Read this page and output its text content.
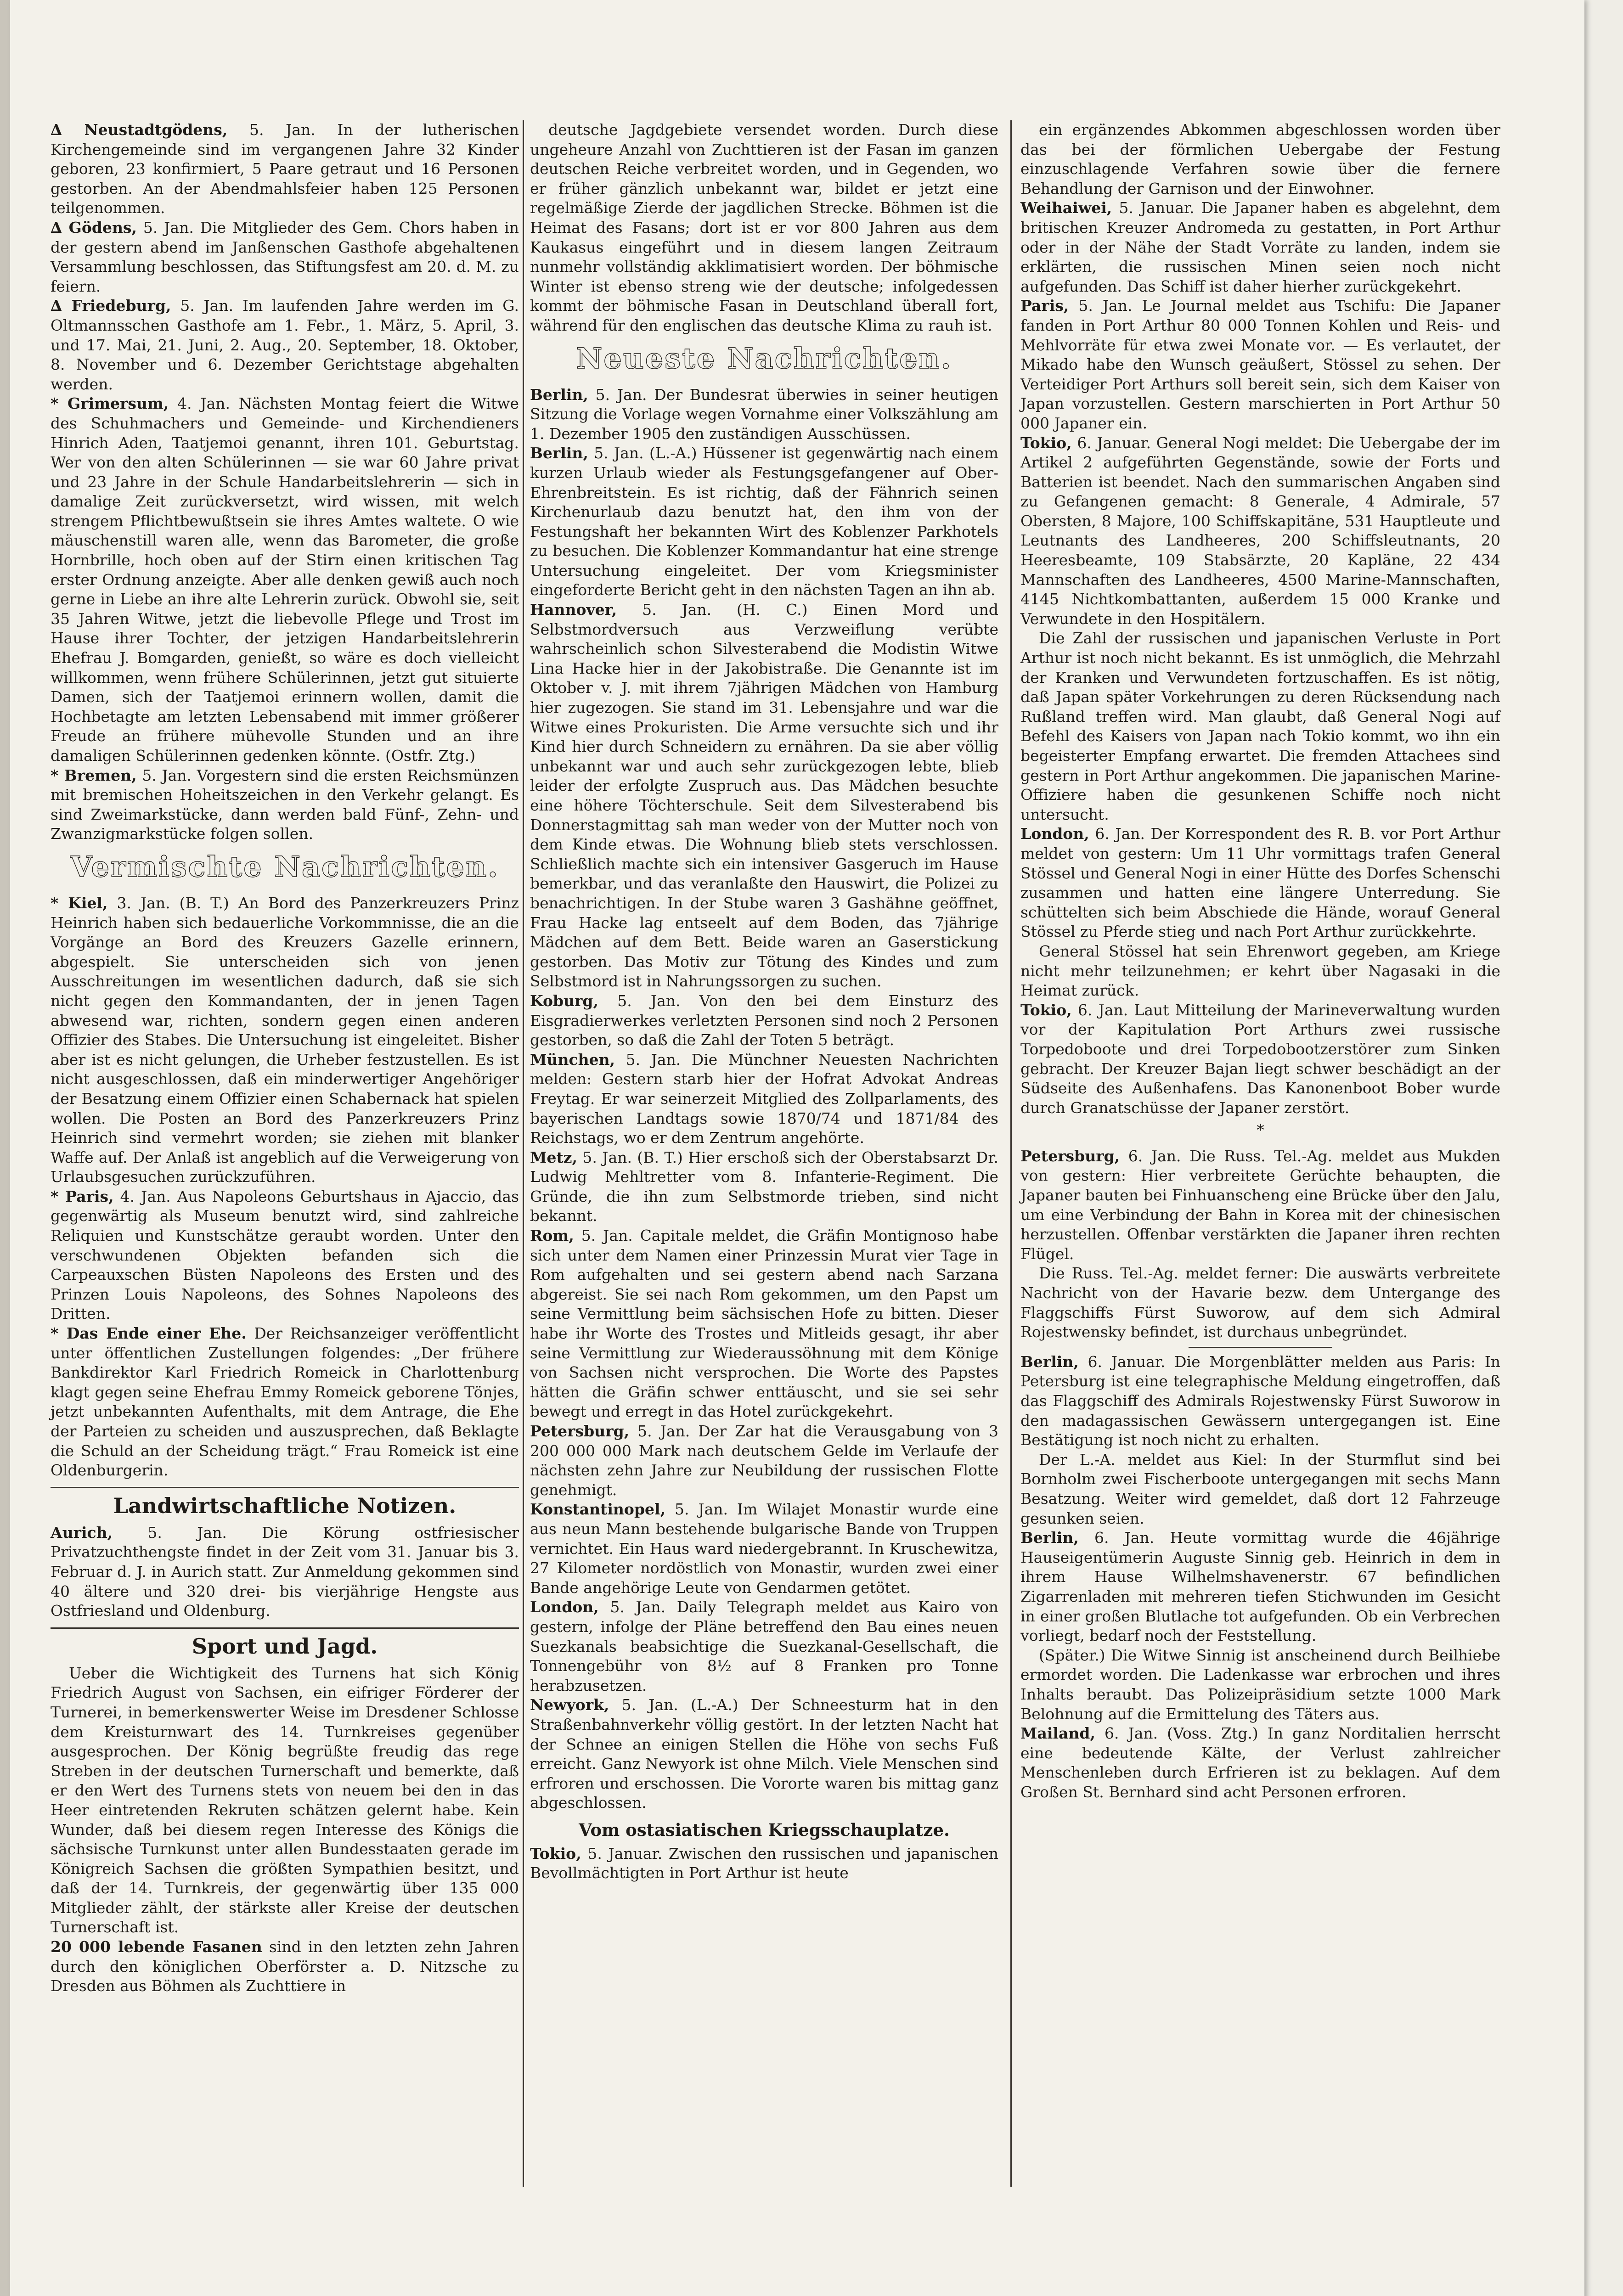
∆ Neustadtgödens, 5. Jan. In der lutherischen Kirchengemeinde sind im vergangenen Jahre 32 Kinder geboren, 23 konfirmiert, 5 Paare getraut und 16 Personen gestorben. An der Abendmahlsfeier haben 125 Personen teilgenommen.

∆ Gödens, 5. Jan. Die Mitglieder des Gem. Chors haben in der gestern abend im Janßenschen Gasthofe abgehaltenen Versammlung beschlossen, das Stiftungsfest am 20. d. M. zu feiern.

∆ Friedeburg, 5. Jan. Im laufenden Jahre werden im G. Oltmannsschen Gasthofe am 1. Febr., 1. März, 5. April, 3. und 17. Mai, 21. Juni, 2. Aug., 20. September, 18. Oktober, 8. November und 6. Dezember Gerichtstage abgehalten werden.

* Grimersum, 4. Jan. Nächsten Montag feiert die Witwe des Schuhmachers und Gemeinde- und Kirchendieners Hinrich Aden, Taatjemoi genannt, ihren 101. Geburtstag. Wer von den alten Schülerinnen — sie war 60 Jahre privat und 23 Jahre in der Schule Handarbeitslehrerin — sich in damalige Zeit zurückversetzt, wird wissen, mit welch strengem Pflichtbewußtsein sie ihres Amtes waltete. O wie mäuschenstill waren alle, wenn das Barometer, die große Hornbrille, hoch oben auf der Stirn einen kritischen Tag erster Ordnung anzeigte. Aber alle denken gewiß auch noch gerne in Liebe an ihre alte Lehrerin zurück. Obwohl sie, seit 35 Jahren Witwe, jetzt die liebevolle Pflege und Trost im Hause ihrer Tochter, der jetzigen Handarbeitslehrerin Ehefrau J. Bomgarden, genießt, so wäre es doch vielleicht willkommen, wenn frühere Schülerinnen, jetzt gut situierte Damen, sich der Taatjemoi erinnern wollen, damit die Hochbetagte am letzten Lebensabend mit immer größerer Freude an frühere mühevolle Stunden und an ihre damaligen Schülerinnen gedenken könnte. (Ostfr. Ztg.)

* Bremen, 5. Jan. Vorgestern sind die ersten Reichsmünzen mit bremischen Hoheitszeichen in den Verkehr gelangt. Es sind Zweimarkstücke, dann werden bald Fünf-, Zehn- und Zwanzigmarkstücke folgen sollen.

Vermischte Nachrichten.

* Kiel, 3. Jan. (B. T.) An Bord des Panzerkreuzers Prinz Heinrich haben sich bedauerliche Vorkommnisse, die an die Vorgänge an Bord des Kreuzers Gazelle erinnern, abgespielt. Sie unterscheiden sich von jenen Ausschreitungen im wesentlichen dadurch, daß sie sich nicht gegen den Kommandanten, der in jenen Tagen abwesend war, richten, sondern gegen einen anderen Offizier des Stabes. Die Untersuchung ist eingeleitet. Bisher aber ist es nicht gelungen, die Urheber festzustellen. Es ist nicht ausgeschlossen, daß ein minderwertiger Angehöriger der Besatzung einem Offizier einen Schabernack hat spielen wollen. Die Posten an Bord des Panzerkreuzers Prinz Heinrich sind vermehrt worden; sie ziehen mit blanker Waffe auf. Der Anlaß ist angeblich auf die Verweigerung von Urlaubsgesuchen zurückzuführen.

* Paris, 4. Jan. Aus Napoleons Geburtshaus in Ajaccio, das gegenwärtig als Museum benutzt wird, sind zahlreiche Reliquien und Kunstschätze geraubt worden. Unter den verschwundenen Objekten befanden sich die Carpeauxschen Büsten Napoleons des Ersten und des Prinzen Louis Napoleons, des Sohnes Napoleons des Dritten.

* Das Ende einer Ehe. Der Reichsanzeiger veröffentlicht unter öffentlichen Zustellungen folgendes: „Der frühere Bankdirektor Karl Friedrich Romeick in Charlottenburg klagt gegen seine Ehefrau Emmy Romeick geborene Tönjes, jetzt unbekannten Aufenthalts, mit dem Antrage, die Ehe der Parteien zu scheiden und auszusprechen, daß Beklagte die Schuld an der Scheidung trägt.“ Frau Romeick ist eine Oldenburgerin.

Landwirtschaftliche Notizen.

Aurich, 5. Jan. Die Körung ostfriesischer Privatzuchthengste findet in der Zeit vom 31. Januar bis 3. Februar d. J. in Aurich statt. Zur Anmeldung gekommen sind 40 ältere und 320 drei- bis vierjährige Hengste aus Ostfriesland und Oldenburg.

Sport und Jagd.

Ueber die Wichtigkeit des Turnens hat sich König Friedrich August von Sachsen, ein eifriger Förderer der Turnerei, in bemerkenswerter Weise im Dresdener Schlosse dem Kreisturnwart des 14. Turnkreises gegenüber ausgesprochen. Der König begrüßte freudig das rege Streben in der deutschen Turnerschaft und bemerkte, daß er den Wert des Turnens stets von neuem bei den in das Heer eintretenden Rekruten schätzen gelernt habe. Kein Wunder, daß bei diesem regen Interesse des Königs die sächsische Turnkunst unter allen Bundesstaaten gerade im Königreich Sachsen die größten Sympathien besitzt, und daß der 14. Turnkreis, der gegenwärtig über 135 000 Mitglieder zählt, der stärkste aller Kreise der deutschen Turnerschaft ist.

20 000 lebende Fasanen sind in den letzten zehn Jahren durch den königlichen Oberförster a. D. Nitzsche zu Dresden aus Böhmen als Zuchttiere in

deutsche Jagdgebiete versendet worden. Durch diese ungeheure Anzahl von Zuchttieren ist der Fasan im ganzen deutschen Reiche verbreitet worden, und in Gegenden, wo er früher gänzlich unbekannt war, bildet er jetzt eine regelmäßige Zierde der jagdlichen Strecke. Böhmen ist die Heimat des Fasans; dort ist er vor 800 Jahren aus dem Kaukasus eingeführt und in diesem langen Zeitraum nunmehr vollständig akklimatisiert worden. Der böhmische Winter ist ebenso streng wie der deutsche; infolgedessen kommt der böhmische Fasan in Deutschland überall fort, während für den englischen das deutsche Klima zu rauh ist.

Neueste Nachrichten.

Berlin, 5. Jan. Der Bundesrat überwies in seiner heutigen Sitzung die Vorlage wegen Vornahme einer Volkszählung am 1. Dezember 1905 den zuständigen Ausschüssen.

Berlin, 5. Jan. (L.-A.) Hüssener ist gegenwärtig nach einem kurzen Urlaub wieder als Festungsgefangener auf Ober-Ehrenbreitstein. Es ist richtig, daß der Fähnrich seinen Kirchenurlaub dazu benutzt hat, den ihm von der Festungshaft her bekannten Wirt des Koblenzer Parkhotels zu besuchen. Die Koblenzer Kommandantur hat eine strenge Untersuchung eingeleitet. Der vom Kriegsminister eingeforderte Bericht geht in den nächsten Tagen an ihn ab.

Hannover, 5. Jan. (H. C.) Einen Mord und Selbstmordversuch aus Verzweiflung verübte wahrscheinlich schon Silvesterabend die Modistin Witwe Lina Hacke hier in der Jakobistraße. Die Genannte ist im Oktober v. J. mit ihrem 7jährigen Mädchen von Hamburg hier zugezogen. Sie stand im 31. Lebensjahre und war die Witwe eines Prokuristen. Die Arme versuchte sich und ihr Kind hier durch Schneidern zu ernähren. Da sie aber völlig unbekannt war und auch sehr zurückgezogen lebte, blieb leider der erfolgte Zuspruch aus. Das Mädchen besuchte eine höhere Töchterschule. Seit dem Silvesterabend bis Donnerstagmittag sah man weder von der Mutter noch von dem Kinde etwas. Die Wohnung blieb stets verschlossen. Schließlich machte sich ein intensiver Gasgeruch im Hause bemerkbar, und das veranlaßte den Hauswirt, die Polizei zu benachrichtigen. In der Stube waren 3 Gashähne geöffnet, Frau Hacke lag entseelt auf dem Boden, das 7jährige Mädchen auf dem Bett. Beide waren an Gaserstickung gestorben. Das Motiv zur Tötung des Kindes und zum Selbstmord ist in Nahrungssorgen zu suchen.

Koburg, 5. Jan. Von den bei dem Einsturz des Eisgradierwerkes verletzten Personen sind noch 2 Personen gestorben, so daß die Zahl der Toten 5 beträgt.

München, 5. Jan. Die Münchner Neuesten Nachrichten melden: Gestern starb hier der Hofrat Advokat Andreas Freytag. Er war seinerzeit Mitglied des Zollparlaments, des bayerischen Landtags sowie 1870/74 und 1871/84 des Reichstags, wo er dem Zentrum angehörte.

Metz, 5. Jan. (B. T.) Hier erschoß sich der Oberstabsarzt Dr. Ludwig Mehltretter vom 8. Infanterie-Regiment. Die Gründe, die ihn zum Selbstmorde trieben, sind nicht bekannt.

Rom, 5. Jan. Capitale meldet, die Gräfin Montignoso habe sich unter dem Namen einer Prinzessin Murat vier Tage in Rom aufgehalten und sei gestern abend nach Sarzana abgereist. Sie sei nach Rom gekommen, um den Papst um seine Vermittlung beim sächsischen Hofe zu bitten. Dieser habe ihr Worte des Trostes und Mitleids gesagt, ihr aber seine Vermittlung zur Wiederaussöhnung mit dem Könige von Sachsen nicht versprochen. Die Worte des Papstes hätten die Gräfin schwer enttäuscht, und sie sei sehr bewegt und erregt in das Hotel zurückgekehrt.

Petersburg, 5. Jan. Der Zar hat die Verausgabung von 3 200 000 000 Mark nach deutschem Gelde im Verlaufe der nächsten zehn Jahre zur Neubildung der russischen Flotte genehmigt.

Konstantinopel, 5. Jan. Im Wilajet Monastir wurde eine aus neun Mann bestehende bulgarische Bande von Truppen vernichtet. Ein Haus ward niedergebrannt. In Kruschewitza, 27 Kilometer nordöstlich von Monastir, wurden zwei einer Bande angehörige Leute von Gendarmen getötet.

London, 5. Jan. Daily Telegraph meldet aus Kairo von gestern, infolge der Pläne betreffend den Bau eines neuen Suezkanals beabsichtige die Suezkanal-Gesellschaft, die Tonnengebühr von 8½ auf 8 Franken pro Tonne herabzusetzen.

Newyork, 5. Jan. (L.-A.) Der Schneesturm hat in den Straßenbahnverkehr völlig gestört. In der letzten Nacht hat der Schnee an einigen Stellen die Höhe von sechs Fuß erreicht. Ganz Newyork ist ohne Milch. Viele Menschen sind erfroren und erschossen. Die Vororte waren bis mittag ganz abgeschlossen.

Vom ostasiatischen Kriegsschauplatze.

Tokio, 5. Januar. Zwischen den russischen und japanischen Bevollmächtigten in Port Arthur ist heute

ein ergänzendes Abkommen abgeschlossen worden über das bei der förmlichen Uebergabe der Festung einzuschlagende Verfahren sowie über die fernere Behandlung der Garnison und der Einwohner.

Weihaiwei, 5. Januar. Die Japaner haben es abgelehnt, dem britischen Kreuzer Andromeda zu gestatten, in Port Arthur oder in der Nähe der Stadt Vorräte zu landen, indem sie erklärten, die russischen Minen seien noch nicht aufgefunden. Das Schiff ist daher hierher zurückgekehrt.

Paris, 5. Jan. Le Journal meldet aus Tschifu: Die Japaner fanden in Port Arthur 80 000 Tonnen Kohlen und Reis- und Mehlvorräte für etwa zwei Monate vor. — Es verlautet, der Mikado habe den Wunsch geäußert, Stössel zu sehen. Der Verteidiger Port Arthurs soll bereit sein, sich dem Kaiser von Japan vorzustellen. Gestern marschierten in Port Arthur 50 000 Japaner ein.

Tokio, 6. Januar. General Nogi meldet: Die Uebergabe der im Artikel 2 aufgeführten Gegenstände, sowie der Forts und Batterien ist beendet. Nach den summarischen Angaben sind zu Gefangenen gemacht: 8 Generale, 4 Admirale, 57 Obersten, 8 Majore, 100 Schiffskapitäne, 531 Hauptleute und Leutnants des Landheeres, 200 Schiffsleutnants, 20 Heeresbeamte, 109 Stabsärzte, 20 Kapläne, 22 434 Mannschaften des Landheeres, 4500 Marine-Mannschaften, 4145 Nichtkombattanten, außerdem 15 000 Kranke und Verwundete in den Hospitälern.

Die Zahl der russischen und japanischen Verluste in Port Arthur ist noch nicht bekannt. Es ist unmöglich, die Mehrzahl der Kranken und Verwundeten fortzuschaffen. Es ist nötig, daß Japan später Vorkehrungen zu deren Rücksendung nach Rußland treffen wird. Man glaubt, daß General Nogi auf Befehl des Kaisers von Japan nach Tokio kommt, wo ihn ein begeisterter Empfang erwartet. Die fremden Attachees sind gestern in Port Arthur angekommen. Die japanischen Marine-Offiziere haben die gesunkenen Schiffe noch nicht untersucht.

London, 6. Jan. Der Korrespondent des R. B. vor Port Arthur meldet von gestern: Um 11 Uhr vormittags trafen General Stössel und General Nogi in einer Hütte des Dorfes Schenschi zusammen und hatten eine längere Unterredung. Sie schüttelten sich beim Abschiede die Hände, worauf General Stössel zu Pferde stieg und nach Port Arthur zurückkehrte.

General Stössel hat sein Ehrenwort gegeben, am Kriege nicht mehr teilzunehmen; er kehrt über Nagasaki in die Heimat zurück.

Tokio, 6. Jan. Laut Mitteilung der Marineverwaltung wurden vor der Kapitulation Port Arthurs zwei russische Torpedoboote und drei Torpedobootzerstörer zum Sinken gebracht. Der Kreuzer Bajan liegt schwer beschädigt an der Südseite des Außenhafens. Das Kanonenboot Bober wurde durch Granatschüsse der Japaner zerstört.

*

Petersburg, 6. Jan. Die Russ. Tel.-Ag. meldet aus Mukden von gestern: Hier verbreitete Gerüchte behaupten, die Japaner bauten bei Finhuanscheng eine Brücke über den Jalu, um eine Verbindung der Bahn in Korea mit der chinesischen herzustellen. Offenbar verstärkten die Japaner ihren rechten Flügel.

Die Russ. Tel.-Ag. meldet ferner: Die auswärts verbreitete Nachricht von der Havarie bezw. dem Untergange des Flaggschiffs Fürst Suworow, auf dem sich Admiral Rojestwensky befindet, ist durchaus unbegründet.

Berlin, 6. Januar. Die Morgenblätter melden aus Paris: In Petersburg ist eine telegraphische Meldung eingetroffen, daß das Flaggschiff des Admirals Rojestwensky Fürst Suworow in den madagassischen Gewässern untergegangen ist. Eine Bestätigung ist noch nicht zu erhalten.

Der L.-A. meldet aus Kiel: In der Sturmflut sind bei Bornholm zwei Fischerboote untergegangen mit sechs Mann Besatzung. Weiter wird gemeldet, daß dort 12 Fahrzeuge gesunken seien.

Berlin, 6. Jan. Heute vormittag wurde die 46jährige Hauseigentümerin Auguste Sinnig geb. Heinrich in dem in ihrem Hause Wilhelmshavenerstr. 67 befindlichen Zigarrenladen mit mehreren tiefen Stichwunden im Gesicht in einer großen Blutlache tot aufgefunden. Ob ein Verbrechen vorliegt, bedarf noch der Feststellung.

(Später.) Die Witwe Sinnig ist anscheinend durch Beilhiebe ermordet worden. Die Ladenkasse war erbrochen und ihres Inhalts beraubt. Das Polizeipräsidium setzte 1000 Mark Belohnung auf die Ermittelung des Täters aus.

Mailand, 6. Jan. (Voss. Ztg.) In ganz Norditalien herrscht eine bedeutende Kälte, der Verlust zahlreicher Menschenleben durch Erfrieren ist zu beklagen. Auf dem Großen St. Bernhard sind acht Personen erfroren.
